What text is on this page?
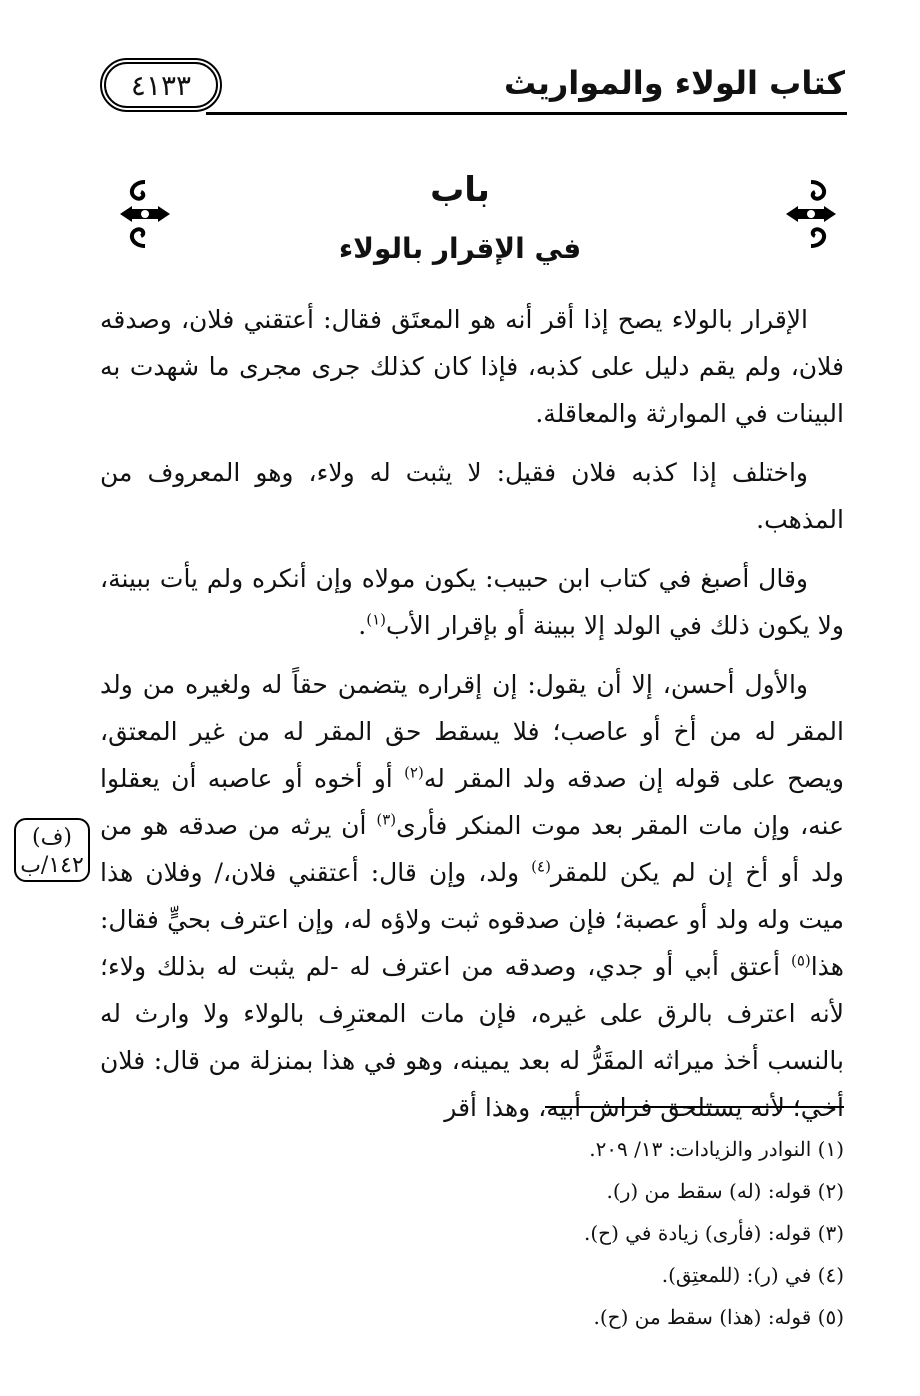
كتاب الولاء والمواريث
٤١٣٣
باب
في الإقرار بالولاء

الإقرار بالولاء يصح إذا أقر أنه هو المعتَق فقال: أعتقني فلان، وصدقه فلان، ولم يقم دليل على كذبه، فإذا كان كذلك جرى مجرى ما شهدت به البينات في الموارثة والمعاقلة.

واختلف إذا كذبه فلان فقيل: لا يثبت له ولاء، وهو المعروف من المذهب.

وقال أصبغ في كتاب ابن حبيب: يكون مولاه وإن أنكره ولم يأت ببينة، ولا يكون ذلك في الولد إلا ببينة أو بإقرار الأب$^{(١)}$.

والأول أحسن، إلا أن يقول: إن إقراره يتضمن حقاً له ولغيره من ولد المقر له من أخ أو عاصب؛ فلا يسقط حق المقر له من غير المعتق، ويصح على قوله إن صدقه ولد المقر له$^{(٢)}$ أو أخوه أو عاصبه أن يعقلوا عنه، وإن مات المقر بعد موت المنكر فأرى$^{(٣)}$ أن يرثه من صدقه هو من ولد أو أخ إن لم يكن للمقر$^{(٤)}$ ولد، وإن قال: أعتقني فلان،/ وفلان هذا ميت وله ولد أو عصبة؛ فإن صدقوه ثبت ولاؤه له، وإن اعترف بحيٍّ فقال: هذا$^{(٥)}$ أعتق أبي أو جدي، وصدقه من اعترف له -لم يثبت له بذلك ولاء؛ لأنه اعترف بالرق على غيره، فإن مات المعترِف بالولاء ولا وارث له بالنسب أخذ ميراثه المقَرُّ له بعد يمينه، وهو في هذا بمنزلة من قال: فلان أخي؛ لأنه يستلحق فراش أبيه، وهذا أقر

(ف)
١٤٢/ب
(١) النوادر والزيادات: ١٣/ ٢٠٩.
(٢) قوله: (له) سقط من (ر).
(٣) قوله: (فأرى) زيادة في (ح).
(٤) في (ر): (للمعتِق).
(٥) قوله: (هذا) سقط من (ح).
